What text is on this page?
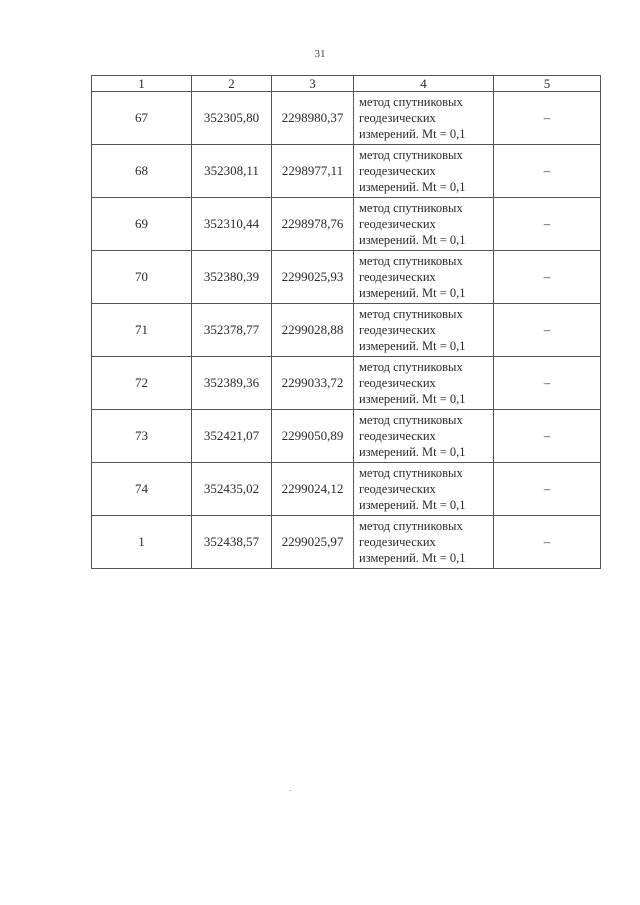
31
1	2	3	4	5
67	352305,80	2298980,37	метод спутниковых
геодезических
измерений. Mt = 0,1	–
68	352308,11	2298977,11	метод спутниковых
геодезических
измерений. Mt = 0,1	–
69	352310,44	2298978,76	метод спутниковых
геодезических
измерений. Mt = 0,1	–
70	352380,39	2299025,93	метод спутниковых
геодезических
измерений. Mt = 0,1	–
71	352378,77	2299028,88	метод спутниковых
геодезических
измерений. Mt = 0,1	–
72	352389,36	2299033,72	метод спутниковых
геодезических
измерений. Mt = 0,1	–
73	352421,07	2299050,89	метод спутниковых
геодезических
измерений. Mt = 0,1	–
74	352435,02	2299024,12	метод спутниковых
геодезических
измерений. Mt = 0,1	–
1	352438,57	2299025,97	метод спутниковых
геодезических
измерений. Mt = 0,1	–
